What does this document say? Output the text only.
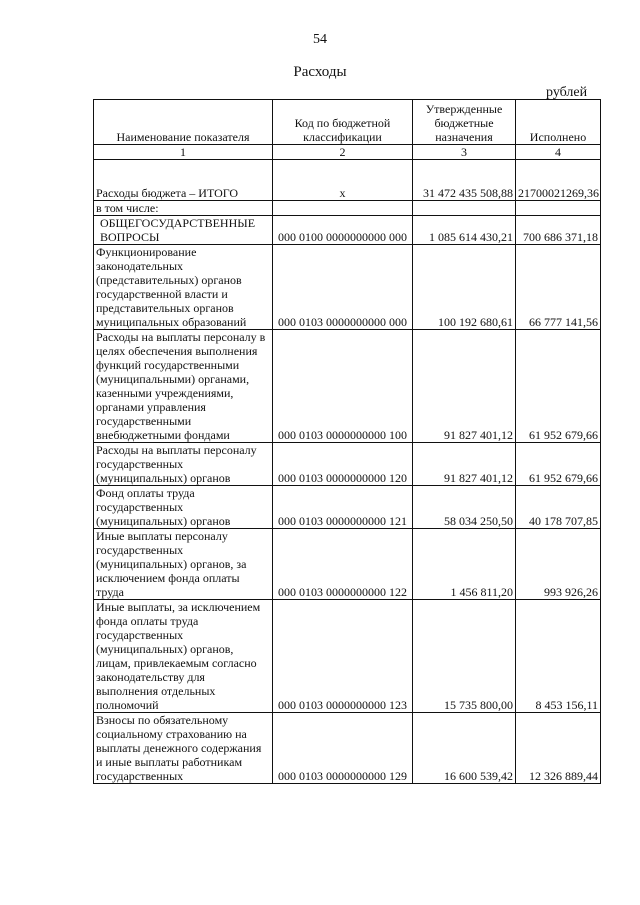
54
Расходы
рублей
Наименование показателя	Код по бюджетной классификации	Утвержденные бюджетные назначения	Исполнено
1	2	3	4

Расходы бюджета – ИТОГО	x	31 472 435 508,88	21700021269,36
в том числе:			
ОБЩЕГОСУДАРСТВЕННЫЕ ВОПРОСЫ	000 0100 0000000000 000	1 085 614 430,21	700 686 371,18
Функционирование законодательных (представительных) органов государственной власти и представительных органов муниципальных образований	000 0103 0000000000 000	100 192 680,61	66 777 141,56
Расходы на выплаты персоналу в целях обеспечения выполнения функций государственными (муниципальными) органами, казенными учреждениями, органами управления государственными внебюджетными фондами	000 0103 0000000000 100	91 827 401,12	61 952 679,66
Расходы на выплаты персоналу государственных (муниципальных) органов	000 0103 0000000000 120	91 827 401,12	61 952 679,66
Фонд оплаты труда государственных (муниципальных) органов	000 0103 0000000000 121	58 034 250,50	40 178 707,85
Иные выплаты персоналу государственных (муниципальных) органов, за исключением фонда оплаты труда	000 0103 0000000000 122	1 456 811,20	993 926,26
Иные выплаты, за исключением фонда оплаты труда государственных (муниципальных) органов, лицам, привлекаемым согласно законодательству для выполнения отдельных полномочий	000 0103 0000000000 123	15 735 800,00	8 453 156,11
Взносы по обязательному социальному страхованию на выплаты денежного содержания и иные выплаты работникам государственных	000 0103 0000000000 129	16 600 539,42	12 326 889,44
